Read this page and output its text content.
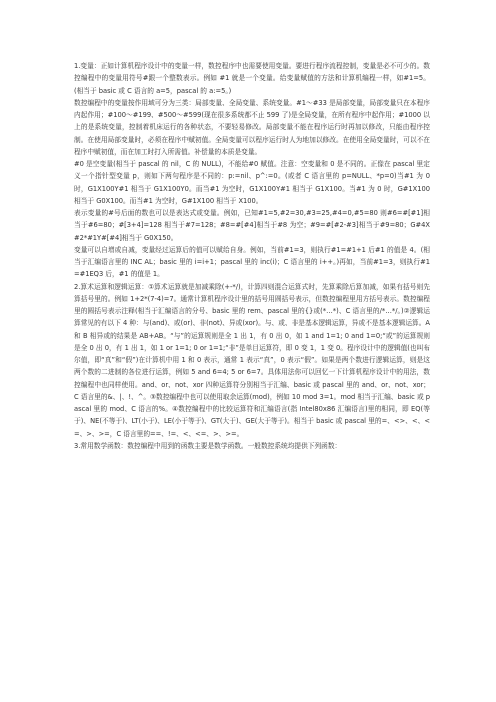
1.变量：正如计算机程序设计中的变量一样，数控程序中也需要使用变量。要进行程序流程控制，变量是必不可少的。数控编程中的变量用符号#跟一个整数表示。例如 #1 就是一个变量。给变量赋值的方法和计算机编程一样，如#1=5。(相当于 basic 或 C 语言的 a=5，pascal 的 a:=5。)

数控编程中的变量按作用域可分为三类：局部变量、全局变量、系统变量。#1～#33 是局部变量，局部变量只在本程序内起作用；#100～#199、#500～#599(现在很多系统都不止 599 了)是全局变量，在所有程序中起作用；#1000 以上的是系统变量，控制着机床运行的各种状态，不要轻易修改。局部变量不能在程序运行时再加以修改，只能由程序控制。在使用局部变量时，必须在程序中赋初值。全局变量可以程序运行时人为地加以修改。在使用全局变量时，可以不在程序中赋初值，而在加工时打入所需值。补偿量的本质是变量。

#0 是空变量(相当于 pascal 的 nil，C 的 NULL)，不能给#0 赋值。注意：空变量和 0 是不同的。正像在 pascal 里定义一个指针型变量 p，则如下两句程序是不同的：p:=nil、p^:=0。(或者 C 语言里的 p=NULL、*p=0)当#1 为 0 时，G1X100Y#1 相当于 G1X100Y0。而当#1 为空时，G1X100Y#1 相当于 G1X100。当#1 为 0 时，G#1X100 相当于 G0X100。而当#1 为空时，G#1X100 相当于 X100。

表示变量的#号后面的数也可以是表达式或变量。例如，已知#1=5,#2=30,#3=25,#4=0,#5=80 则#6=#[#1]相当于#6=80；#[3+4]=128 相当于#7=128；#8=#[#4]相当于#8 为空；#9=#[#2-#3]相当于#9=80；G#4X#2*#1Y#[#4]相当于 G0X150。

变量可以自增或自减，变量经过运算后的值可以赋给自身。例如，当前#1=3，则执行#1=#1+1 后#1 的值是 4。(相当于汇编语言里的 INC AL；basic 里的 i=i+1；pascal 里的 inc(i)；C 语言里的 i++。)再如，当前#1=3，则执行#1=#1EQ3 后，#1 的值是 1。

2.算术运算和逻辑运算：①算术运算就是加减乘除(+-*/)，计算四则混合运算式时，先算乘除后算加减，如果有括号则先算括号里的。例如 1+2*(7-4)=7。通常计算机程序设计里的括号用圆括号表示，但数控编程里用方括号表示。数控编程里的圆括号表示注释(相当于汇编语言的分号、basic 里的 rem、pascal 里的{}或(*…*)、C 语言里的/*…*/。)②逻辑运算常见的有以下 4 种：与(and)、或(or)、非(not)、异或(xor)。与、或、非是基本逻辑运算，异或不是基本逻辑运算。A 和 B 相异或的结果是 AB+AB。“与”的运算规则是全 1 出 1，有 0 出 0，如 1 and 1=1; 0 and 1=0;“或”的运算规则是全 0 出 0，有 1 出 1，如 1 or 1=1; 0 or 1=1;“非”是单目运算符，即 0 变 1，1 变 0。程序设计中的逻辑值(也叫布尔值，即“真”和“假”)在计算机中用 1 和 0 表示，通常 1 表示“真”，0 表示“假”。如果是两个数进行逻辑运算，则是这两个数的二进制的各位进行运算，例如 5 and 6=4; 5 or 6=7。具体用法你可以回忆一下计算机程序设计中的用法，数控编程中也同样使用。and、or、not、xor 四种运算符分别相当于汇编、basic 或 pascal 里的 and、or、not、xor；C 语言里的&、|、!、^。③数控编程中也可以使用取余运算(mod)，例如 10 mod 3=1。mod 相当于汇编、basic 或 pascal 里的 mod、C 语言的%。④数控编程中的比较运算符和汇编语言(指 Intel80x86 汇编语言)里的相同，即 EQ(等于)、NE(不等于)、LT(小于)、LE(小于等于)、GT(大于)、GE(大于等于)。相当于 basic 或 pascal 里的=、<>、<、<=、>、>=，C 语言里的==、!=、<、<=、>、>=。

3.常用数学函数：数控编程中用到的函数主要是数学函数。一般数控系统均提供下列函数：
